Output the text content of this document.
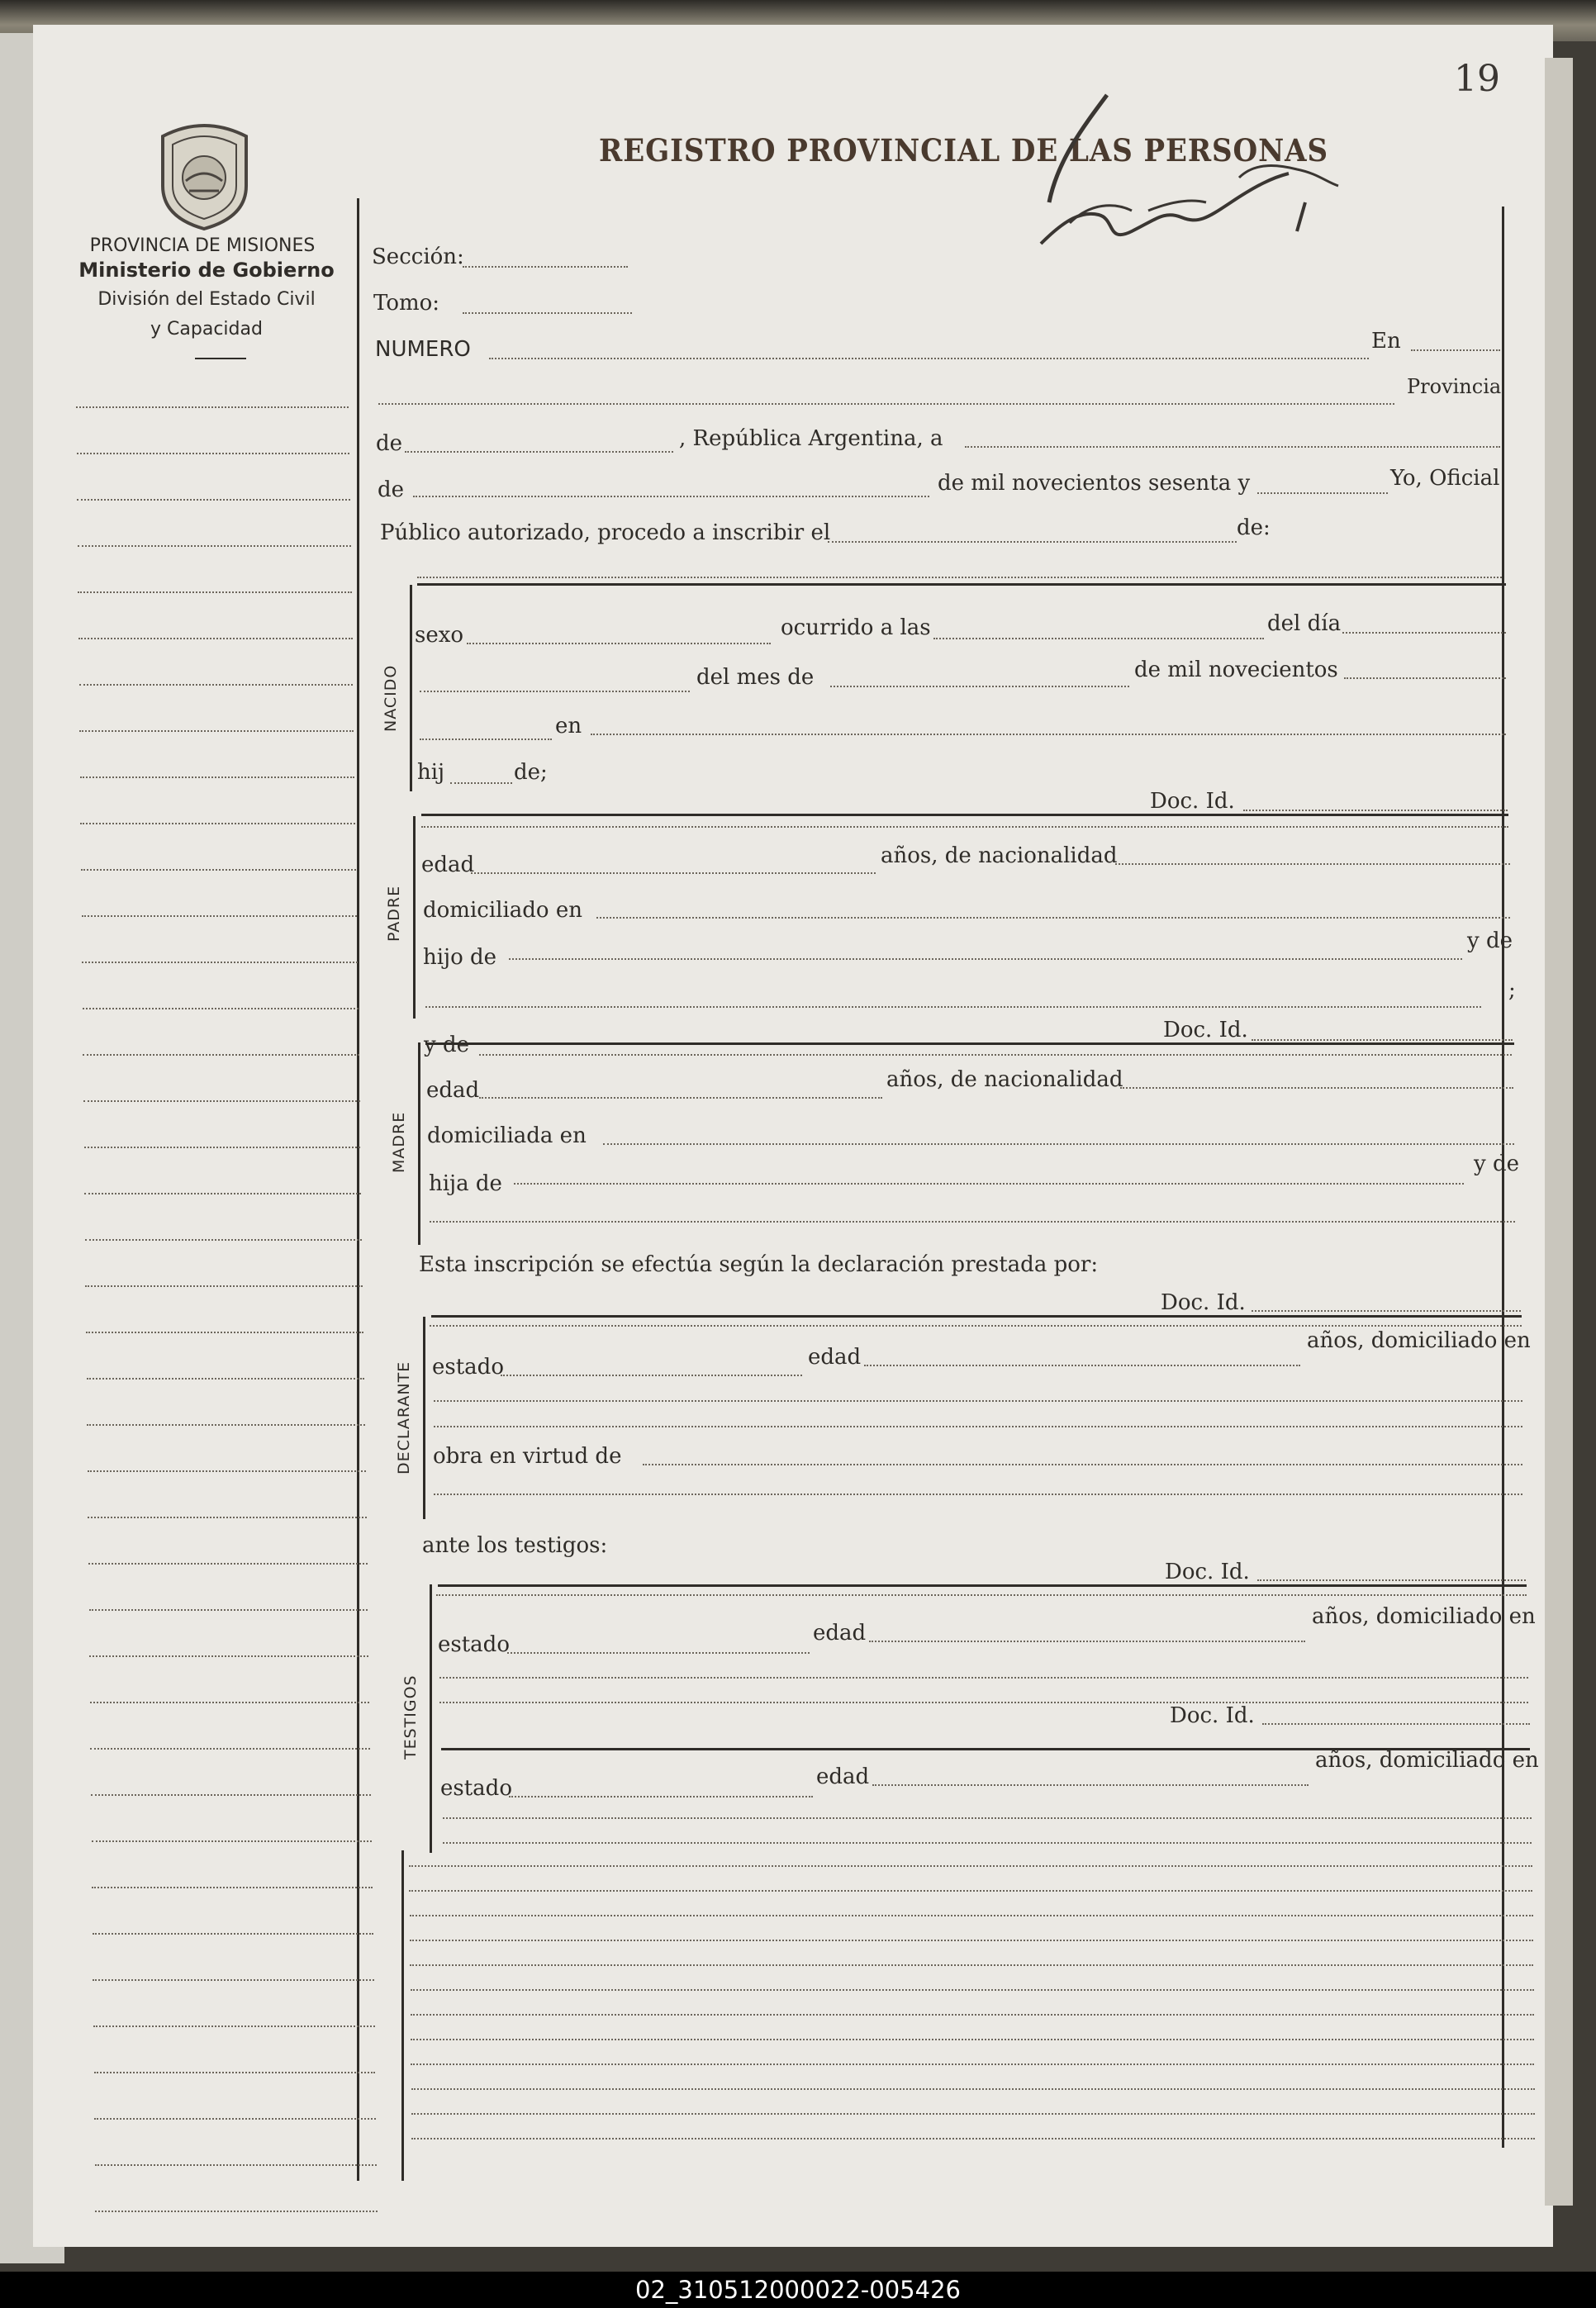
19
REGISTRO PROVINCIAL DE LAS PERSONAS
PROVINCIA DE MISIONES
Ministerio de Gobierno
División del Estado Civil
y Capacidad
Sección:
Tomo:
NUMERO	En
Provincia
de	, República Argentina, a
de	de mil novecientos sesenta y	Yo, Oficial
Público autorizado, procedo a inscribir el	de:
NACIDO
sexo	ocurrido a las	del día
del mes de	de mil novecientos
en
hij	de;
Doc. Id.
PADRE
edad	años, de nacionalidad
domiciliado en
hijo de
y de
;
y de
Doc. Id.
MADRE
edad	años, de nacionalidad
domiciliada en
hija de
y de
Esta inscripción se efectúa según la declaración prestada por:
Doc. Id.
DECLARANTE estado	edad
años, domiciliado en
obra en virtud de
ante los testigos:
Doc. Id.
TESTIGOS
estado	edad
años, domiciliado en
Doc. Id.
estado	edad
años, domiciliado en
02_310512000022-005426
